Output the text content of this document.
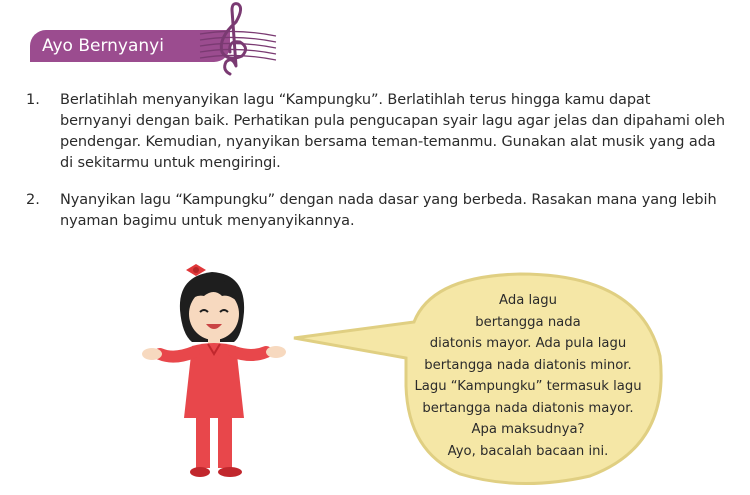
Ayo Bernyanyi
1.	Berlatihlah menyanyikan lagu “Kampungku”. Berlatihlah terus hingga kamu dapat bernyanyi dengan baik. Perhatikan pula pengucapan syair lagu agar jelas dan dipahami oleh pendengar. Kemudian, nyanyikan bersama teman-temanmu. Gunakan alat musik yang ada di sekitarmu untuk mengiringi.
2.	Nyanyikan lagu “Kampungku” dengan nada dasar yang berbeda. Rasakan mana yang lebih nyaman bagimu untuk menyanyikannya.
Ada lagu
bertangga nada
diatonis mayor. Ada pula lagu
bertangga nada diatonis minor.
Lagu “Kampungku” termasuk lagu
bertangga nada diatonis mayor.
Apa maksudnya?
Ayo, bacalah bacaan ini.
